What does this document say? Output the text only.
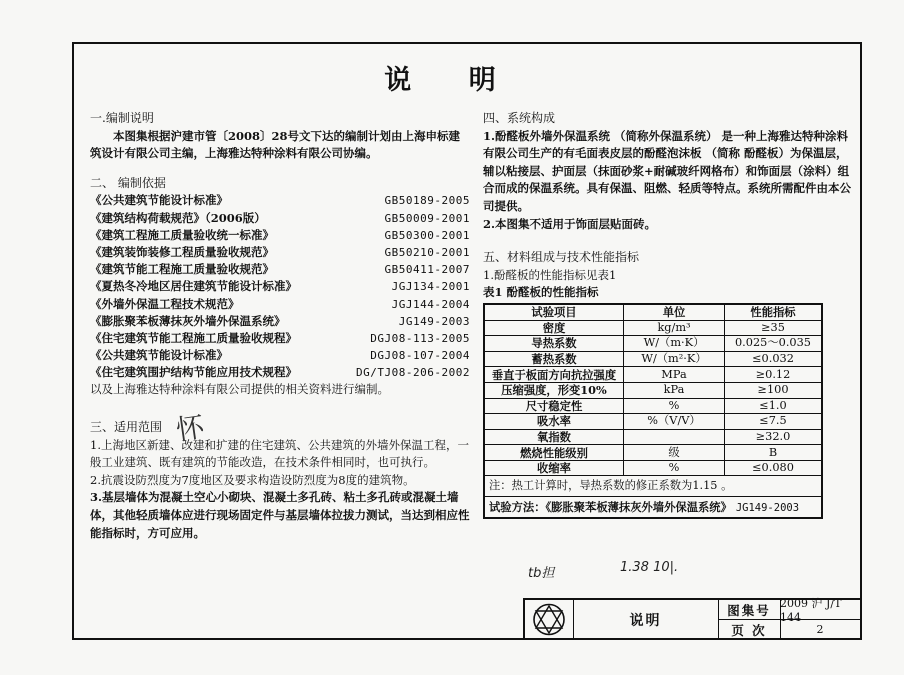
说 明
一.编制说明
本图集根据沪建市管〔2008〕28号文下达的编制计划由上海申标建筑设计有限公司主编，上海雅达特种涂料有限公司协编。
二、 编制依据
《公共建筑节能设计标准》	GB50189-2005
《建筑结构荷载规范》（2006版）	GB50009-2001
《建筑工程施工质量验收统一标准》	GB50300-2001
《建筑装饰装修工程质量验收规范》	GB50210-2001
《建筑节能工程施工质量验收规范》	GB50411-2007
《夏热冬冷地区居住建筑节能设计标准》	JGJ134-2001
《外墙外保温工程技术规范》	JGJ144-2004
《膨胀聚苯板薄抹灰外墙外保温系统》	JG149-2003
《住宅建筑节能工程施工质量验收规程》	DGJ08-113-2005
《公共建筑节能设计标准》	DGJ08-107-2004
《住宅建筑围护结构节能应用技术规程》	DG/TJ08-206-2002
以及上海雅达特种涂料有限公司提供的相关资料进行编制。
三、适用范围
1.上海地区新建、改建和扩建的住宅建筑、公共建筑的外墙外保温工程，一般工业建筑、既有建筑的节能改造，在技术条件相同时，也可执行。
2.抗震设防烈度为7度地区及要求构造设防烈度为8度的建筑物。
3.基层墙体为混凝土空心小砌块、混凝土多孔砖、粘土多孔砖或混凝土墙体，其他轻质墙体应进行现场固定件与基层墙体拉拔力测试，当达到相应性能指标时，方可应用。
四、系统构成
1.酚醛板外墙外保温系统 （简称外保温系统） 是一种上海雅达特种涂料有限公司生产的有毛面表皮层的酚醛泡沫板 （简称 酚醛板）为保温层，辅以粘接层、护面层（抹面砂浆+耐碱玻纤网格布）和饰面层（涂料）组合而成的保温系统。具有保温、阻燃、轻质等特点。系统所需配件由本公司提供。
2.本图集不适用于饰面层贴面砖。
五、材料组成与技术性能指标
1.酚醛板的性能指标见表1
表1 酚醛板的性能指标
试验项目	单位	性能指标
密度	kg/m³	≥35
导热系数	W/（m·K）	0.025～0.035
蓄热系数	W/（m²·K）	≤0.032
垂直于板面方向抗拉强度	MPa	≥0.12
压缩强度，形变10%	kPa	≥100
尺寸稳定性	%	≤1.0
吸水率	%（V/V）	≤7.5
氧指数		≥32.0
燃烧性能级别	级	B
收缩率	%	≤0.080
注：热工计算时，导热系数的修正系数为1.15 。		
试验方法：《膨胀聚苯板薄抹灰外墙外保温系统》 JG149-2003		
怀
tb担	1.38 10|.
说明
图集号 2009 沪 J/T 144
页 次	2
